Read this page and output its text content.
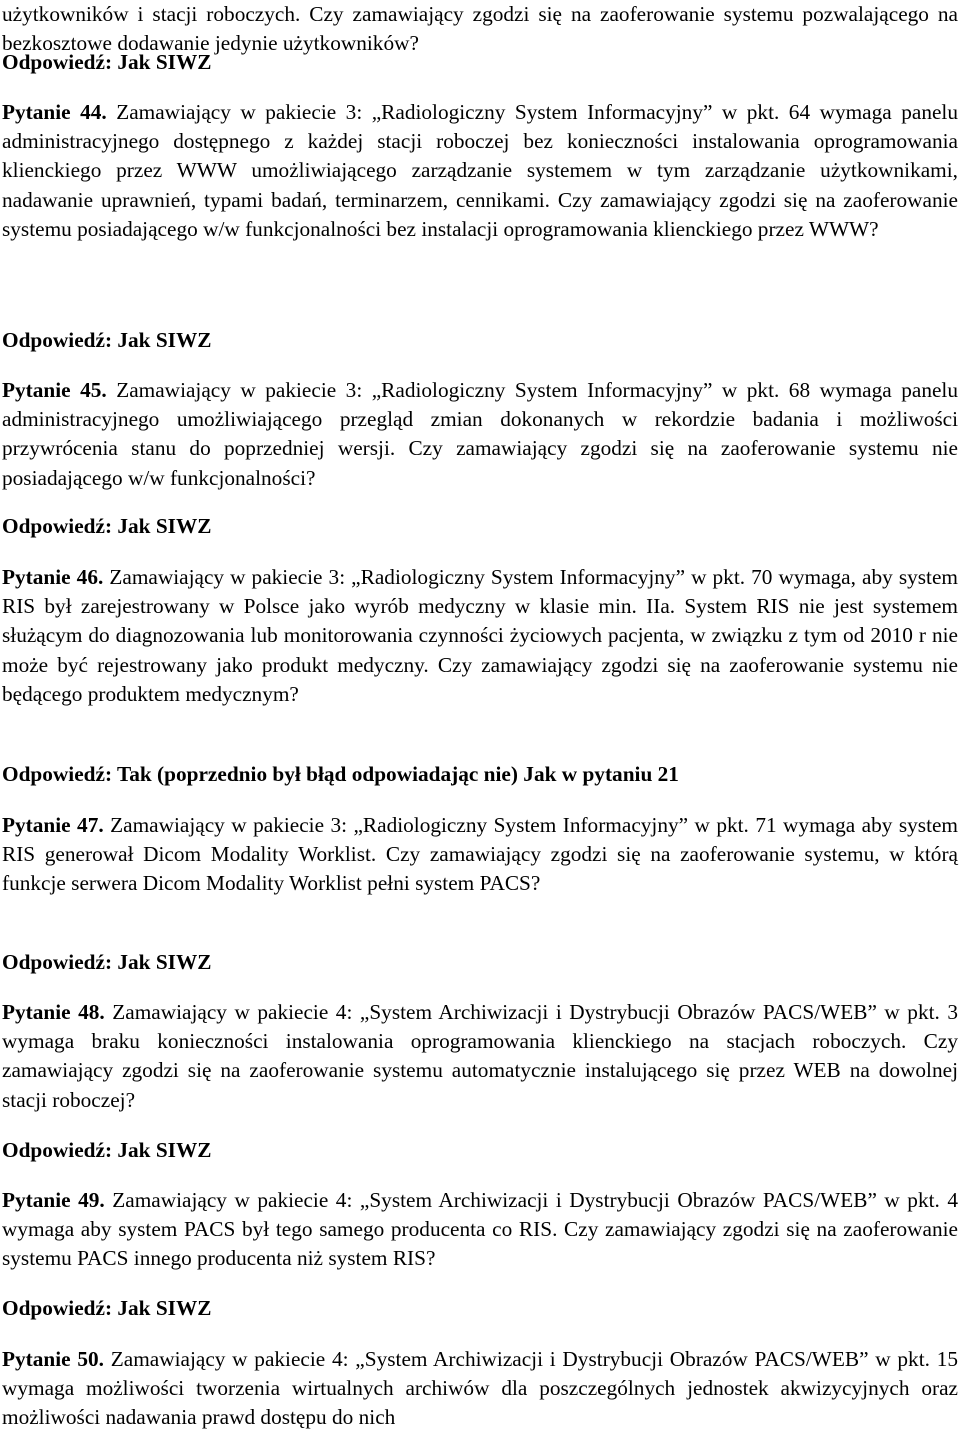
użytkowników i stacji roboczych. Czy zamawiający zgodzi się na zaoferowanie systemu pozwalającego na bezkosztowe dodawanie jedynie użytkowników?

Odpowiedź: Jak SIWZ

Pytanie 44. Zamawiający w pakiecie 3: „Radiologiczny System Informacyjny” w pkt. 64 wymaga panelu administracyjnego dostępnego z każdej stacji roboczej bez konieczności instalowania oprogramowania klienckiego przez WWW umożliwiającego zarządzanie systemem w tym zarządzanie użytkownikami, nadawanie uprawnień, typami badań, terminarzem, cennikami. Czy zamawiający zgodzi się na zaoferowanie systemu posiadającego w/w funkcjonalności bez instalacji oprogramowania klienckiego przez WWW?

Odpowiedź: Jak SIWZ

Pytanie 45. Zamawiający w pakiecie 3: „Radiologiczny System Informacyjny” w pkt. 68 wymaga panelu administracyjnego umożliwiającego przegląd zmian dokonanych w rekordzie badania i możliwości przywrócenia stanu do poprzedniej wersji. Czy zamawiający zgodzi się na zaoferowanie systemu nie posiadającego w/w funkcjonalności?

Odpowiedź: Jak SIWZ

Pytanie 46. Zamawiający w pakiecie 3: „Radiologiczny System Informacyjny” w pkt. 70 wymaga, aby system RIS był zarejestrowany w Polsce jako wyrób medyczny w klasie min. IIa. System RIS nie jest systemem służącym do diagnozowania lub monitorowania czynności życiowych pacjenta, w związku z tym od 2010 r nie może być rejestrowany jako produkt medyczny. Czy zamawiający zgodzi się na zaoferowanie systemu nie będącego produktem medycznym?

Odpowiedź: Tak (poprzednio był błąd odpowiadając nie) Jak w pytaniu 21

Pytanie 47. Zamawiający w pakiecie 3: „Radiologiczny System Informacyjny” w pkt. 71 wymaga aby system RIS generował Dicom Modality Worklist. Czy zamawiający zgodzi się na zaoferowanie systemu, w którą funkcje serwera Dicom Modality Worklist pełni system PACS?

Odpowiedź: Jak SIWZ

Pytanie 48. Zamawiający w pakiecie 4: „System Archiwizacji i Dystrybucji Obrazów PACS/WEB” w pkt. 3 wymaga braku konieczności instalowania oprogramowania klienckiego na stacjach roboczych. Czy zamawiający zgodzi się na zaoferowanie systemu automatycznie instalującego się przez WEB na dowolnej stacji roboczej?

Odpowiedź: Jak SIWZ

Pytanie 49. Zamawiający w pakiecie 4: „System Archiwizacji i Dystrybucji Obrazów PACS/WEB” w pkt. 4 wymaga aby system PACS był tego samego producenta co RIS. Czy zamawiający zgodzi się na zaoferowanie systemu PACS innego producenta niż system RIS?

Odpowiedź: Jak SIWZ

Pytanie 50. Zamawiający w pakiecie 4: „System Archiwizacji i Dystrybucji Obrazów PACS/WEB” w pkt. 15 wymaga możliwości tworzenia wirtualnych archiwów dla poszczególnych jednostek akwizycyjnych oraz możliwości nadawania prawd dostępu do nich
